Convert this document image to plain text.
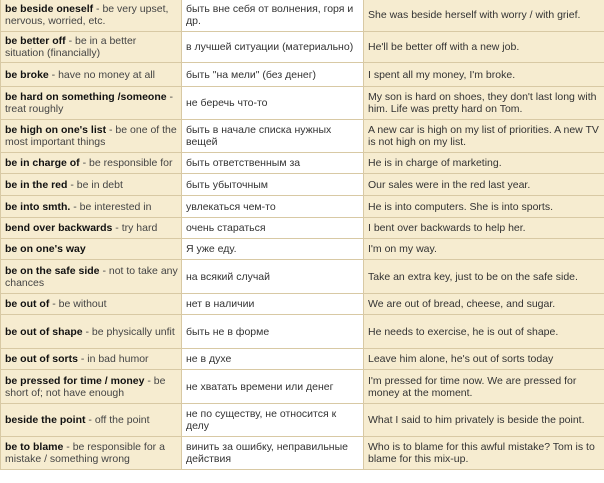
be beside oneself - be very upset, nervous, worried, etc.	быть вне себя от волнения, горя и др.	She was beside herself with worry / with grief.
be better off - be in a better situation (financially)	в лучшей ситуации (материально)	He'll be better off with a new job.
be broke - have no money at all	быть "на мели" (без денег)	I spent all my money, I'm broke.
be hard on something /someone - treat roughly	не беречь что-то	My son is hard on shoes, they don't last long with him. Life was pretty hard on Tom.
be high on one's list - be one of the most important things	быть в начале списка нужных вещей	A new car is high on my list of priorities. A new TV is not high on my list.
be in charge of - be responsible for	быть ответственным за	He is in charge of marketing.
be in the red - be in debt	быть убыточным	Our sales were in the red last year.
be into smth. - be interested in	увлекаться чем-то	He is into computers. She is into sports.
bend over backwards - try hard	очень стараться	I bent over backwards to help her.
be on one's way	Я уже еду.	I'm on my way.
be on the safe side - not to take any chances	на всякий случай	Take an extra key, just to be on the safe side.
be out of - be without	нет в наличии	We are out of bread, cheese, and sugar.
be out of shape - be physically unfit	быть не в форме	He needs to exercise, he is out of shape.
be out of sorts - in bad humor	не в духе	Leave him alone, he's out of sorts today
be pressed for time / money - be short of; not have enough	не хватать времени или денег	I'm pressed for time now. We are pressed for money at the moment.
beside the point - off the point	не по существу, не относится к делу	What I said to him privately is beside the point.
be to blame - be responsible for a mistake / something wrong	винить за ошибку, неправильные действия	Who is to blame for this awful mistake? Tom is to blame for this mix-up.
